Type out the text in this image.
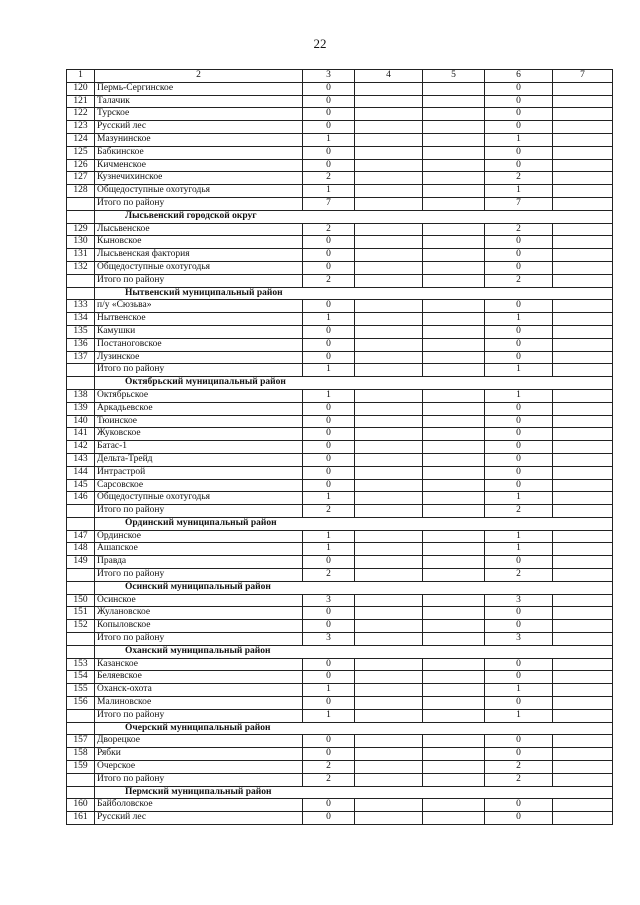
22
1	2	3	4	5	6	7
120	Пермь-Сергинское	0			0	
121	Талачик	0			0	
122	Турское	0			0	
123	Русский лес	0			0	
124	Мазунинское	1			1	
125	Бабкинское	0			0	
126	Кичменское	0			0	
127	Кузнечихинское	2			2	
128	Общедоступные охотугодья	1			1	
	Итого по району	7			7	
	Лысьвенский городской округ					
129	Лысьвенское	2			2	
130	Кыновское	0			0	
131	Лысьвенская фактория	0			0	
132	Общедоступные охотугодья	0			0	
	Итого по району	2			2	
	Нытвенский муниципальный район					
133	п/у «Сюзьва»	0			0	
134	Нытвенское	1			1	
135	Камушки	0			0	
136	Постаноговское	0			0	
137	Лузинское	0			0	
	Итого по району	1			1	
	Октябрьский муниципальный район					
138	Октябрьское	1			1	
139	Аркадьевское	0			0	
140	Тюинское	0			0	
141	Жуковское	0			0	
142	Батас-1	0			0	
143	Дельта-Трейд	0			0	
144	Интрастрой	0			0	
145	Сарсовское	0			0	
146	Общедоступные охотугодья	1			1	
	Итого по району	2			2	
	Ординский муниципальный район					
147	Ординское	1			1	
148	Ашапское	1			1	
149	Правда	0			0	
	Итого по району	2			2	
	Осинский муниципальный район					
150	Осинское	3			3	
151	Жулановское	0			0	
152	Копыловское	0			0	
	Итого по району	3			3	
	Оханский муниципальный район					
153	Казанское	0			0	
154	Беляевское	0			0	
155	Оханск-охота	1			1	
156	Малиновское	0			0	
	Итого по району	1			1	
	Очерский муниципальный район					
157	Дворецкое	0			0	
158	Рябки	0			0	
159	Очерское	2			2	
	Итого по району	2			2	
	Пермский муниципальный район					
160	Байболовское	0			0	
161	Русский лес	0			0	
